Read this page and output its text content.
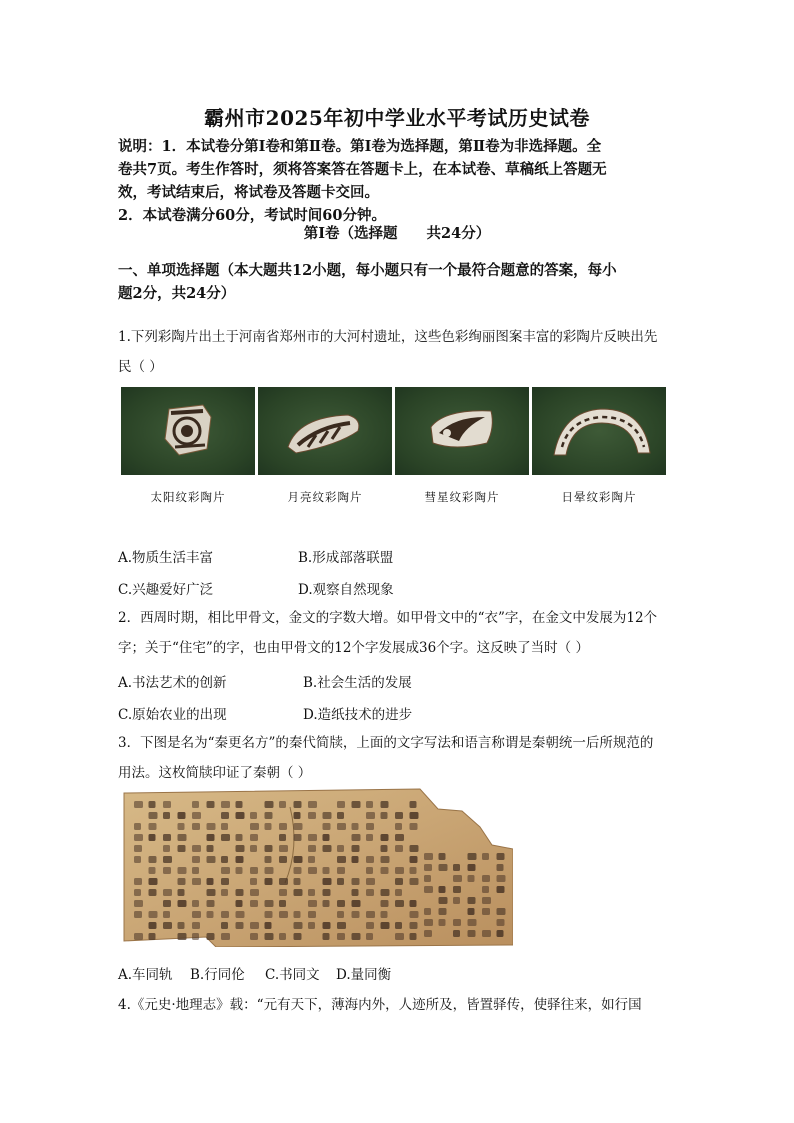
霸州市2025年初中学业水平考试历史试卷
说明：1．本试卷分第Ⅰ卷和第Ⅱ卷。第Ⅰ卷为选择题，第Ⅱ卷为非选择题。全
卷共7页。考生作答时，须将答案答在答题卡上，在本试卷、草稿纸上答题无
效，考试结束后，将试卷及答题卡交回。
2．本试卷满分60分，考试时间60分钟。
第Ⅰ卷（选择题　　共24分）
一、单项选择题（本大题共12小题，每小题只有一个最符合题意的答案，每小
题2分，共24分）
1.下列彩陶片出土于河南省郑州市的大河村遗址，这些色彩绚丽图案丰富的彩陶片反映出先
民（ ）
太阳纹彩陶片	月亮纹彩陶片	彗星纹彩陶片	日晕纹彩陶片
A.物质生活丰富	B.形成部落联盟
C.兴趣爱好广泛	D.观察自然现象
2．西周时期，相比甲骨文，金文的字数大增。如甲骨文中的“衣”字，在金文中发展为12个
字；关于“住宅”的字，也由甲骨文的12个字发展成36个字。这反映了当时（ ）
A.书法艺术的创新	B.社会生活的发展
C.原始农业的出现	D.造纸技术的进步
3．下图是名为“秦更名方”的秦代简牍，上面的文字写法和语言称谓是秦朝统一后所规范的
用法。这枚简牍印证了秦朝（ ）
A.车同轨 B.行同伦 C.书同文 D.量同衡
4.《元史·地理志》载：“元有天下，薄海内外，人迹所及，皆置驿传，使驿往来，如行国
